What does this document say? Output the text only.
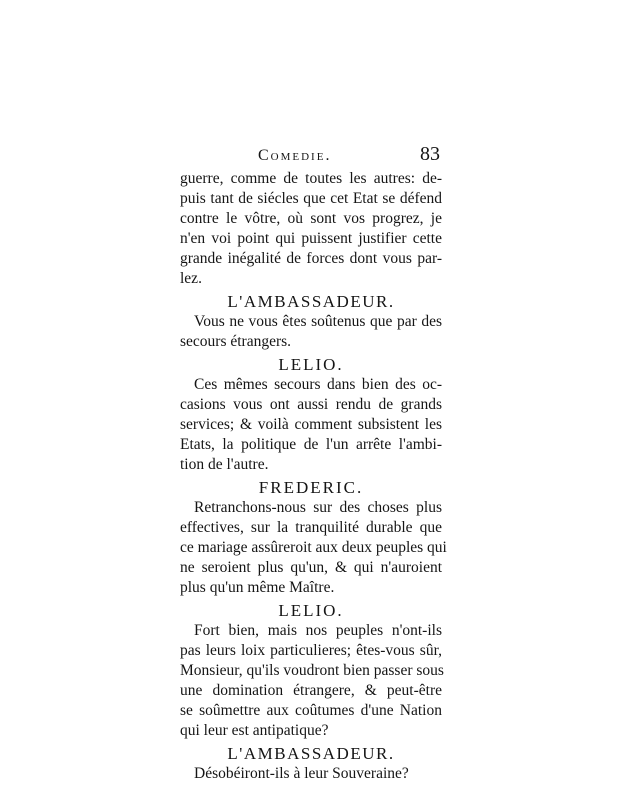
Comedie.	83
guerre, comme de toutes les autres: de-
puis tant de siécles que cet Etat se défend
contre le vôtre, où sont vos progrez, je
n'en voi point qui puissent justifier cette
grande inégalité de forces dont vous par-
lez.
L'AMBASSADEUR.
Vous ne vous êtes soûtenus que par des
secours étrangers.
LELIO.
Ces mêmes secours dans bien des oc-
casions vous ont aussi rendu de grands
services; & voilà comment subsistent les
Etats, la politique de l'un arrête l'ambi-
tion de l'autre.
FREDERIC.
Retranchons-nous sur des choses plus
effectives, sur la tranquilité durable que
ce mariage assûreroit aux deux peuples qui
ne seroient plus qu'un, & qui n'auroient
plus qu'un même Maître.
LELIO.
Fort bien, mais nos peuples n'ont-ils
pas leurs loix particulieres; êtes-vous sûr,
Monsieur, qu'ils voudront bien passer sous
une domination étrangere, & peut-être
se soûmettre aux coûtumes d'une Nation
qui leur est antipatique?
L'AMBASSADEUR.
Désobéiront-ils à leur Souveraine?
